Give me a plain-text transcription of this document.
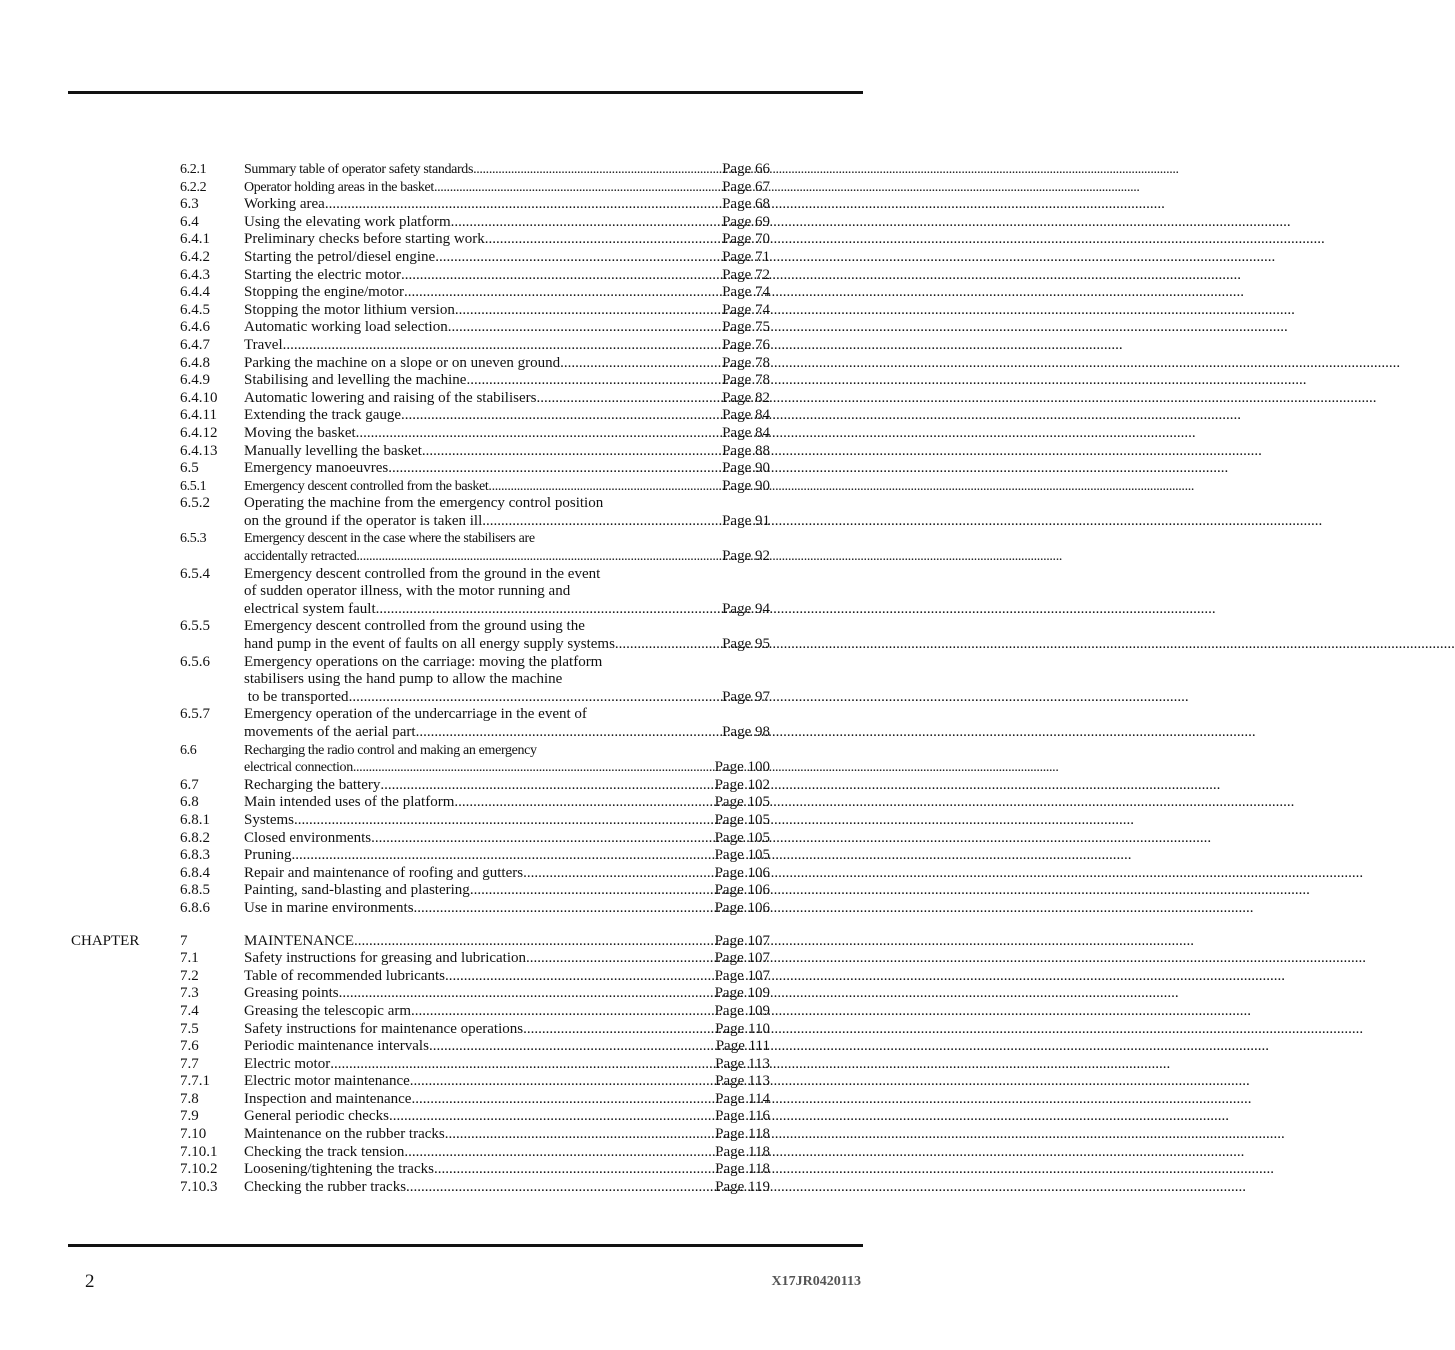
6.2.1	Summary table of operator safety standards .....	Page 66
6.2.2	Operator holding areas in the basket .....	Page 67
6.3	Working area .....	Page 68
6.4	Using the elevating work platform .....	Page 69
6.4.1 Preliminary checks before starting work .....	Page 70
6.4.2 Starting the petrol/diesel engine .....	Page 71
6.4.3 Starting the electric motor .....	Page 72
6.4.4 Stopping the engine/motor .....	Page 74
6.4.5 Stopping the motor lithium version .....	Page 74
6.4.6 Automatic working load selection .....	Page 75
6.4.7 Travel .....	Page 76
6.4.8 Parking the machine on a slope or on uneven ground .....	Page 78
6.4.9 Stabilising and levelling the machine .....	Page 78
6.4.10 Automatic lowering and raising of the stabilisers .....	Page 82
6.4.11 Extending the track gauge .....	Page 84
6.4.12 Moving the basket .....	Page 84
6.4.13 Manually levelling the basket .....	Page 88
6.5	Emergency manoeuvres .....	Page 90
6.5.1	Emergency descent controlled from the basket .....	Page 90
6.5.2 Operating the machine from the emergency control position
on the ground if the operator is taken ill .....	Page 91
6.5.3	Emergency descent in the case where the stabilisers are
accidentally retracted .....	Page 92
6.5.4 Emergency descent controlled from the ground in the event
of sudden operator illness, with the motor running and
electrical system fault .....	Page 94
6.5.5 Emergency descent controlled from the ground using the
hand pump in the event of faults on all energy supply systems .....	Page 95
6.5.6 Emergency operations on the carriage: moving the platform
stabilisers using the hand pump to allow the machine
to be transported .....	Page 97
6.5.7 Emergency operation of the undercarriage in the event of
movements of the aerial part .....	Page 98
6.6	Recharging the radio control and making an emergency
electrical connection .....	Page 100
6.7	Recharging the battery .....	Page 102
6.8	Main intended uses of the platform .....	Page 105
6.8.1 Systems .....	Page 105
6.8.2 Closed environments .....	Page 105
6.8.3 Pruning .....	Page 105
6.8.4 Repair and maintenance of roofing and gutters .....	Page 106
6.8.5 Painting, sand-blasting and plastering .....	Page 106
6.8.6 Use in marine environments .....	Page 106
CHAPTER	7	MAINTENANCE .....	Page 107
7.1	Safety instructions for greasing and lubrication .....	Page 107
7.2	Table of recommended lubricants .....	Page 107
7.3	Greasing points .....	Page 109
7.4	Greasing the telescopic arm .....	Page 109
7.5	Safety instructions for maintenance operations .....	Page 110
7.6	Periodic maintenance intervals .....	Page 111
7.7	Electric motor .....	Page 113
7.7.1 Electric motor maintenance .....	Page 113
7.8	Inspection and maintenance .....	Page 114
7.9	General periodic checks .....	Page 116
7.10	Maintenance on the rubber tracks .....	Page 118
7.10.1 Checking the track tension .....	Page 118
7.10.2 Loosening/tightening the tracks .....	Page 118
7.10.3 Checking the rubber tracks .....	Page 119
2	X17JR0420113
